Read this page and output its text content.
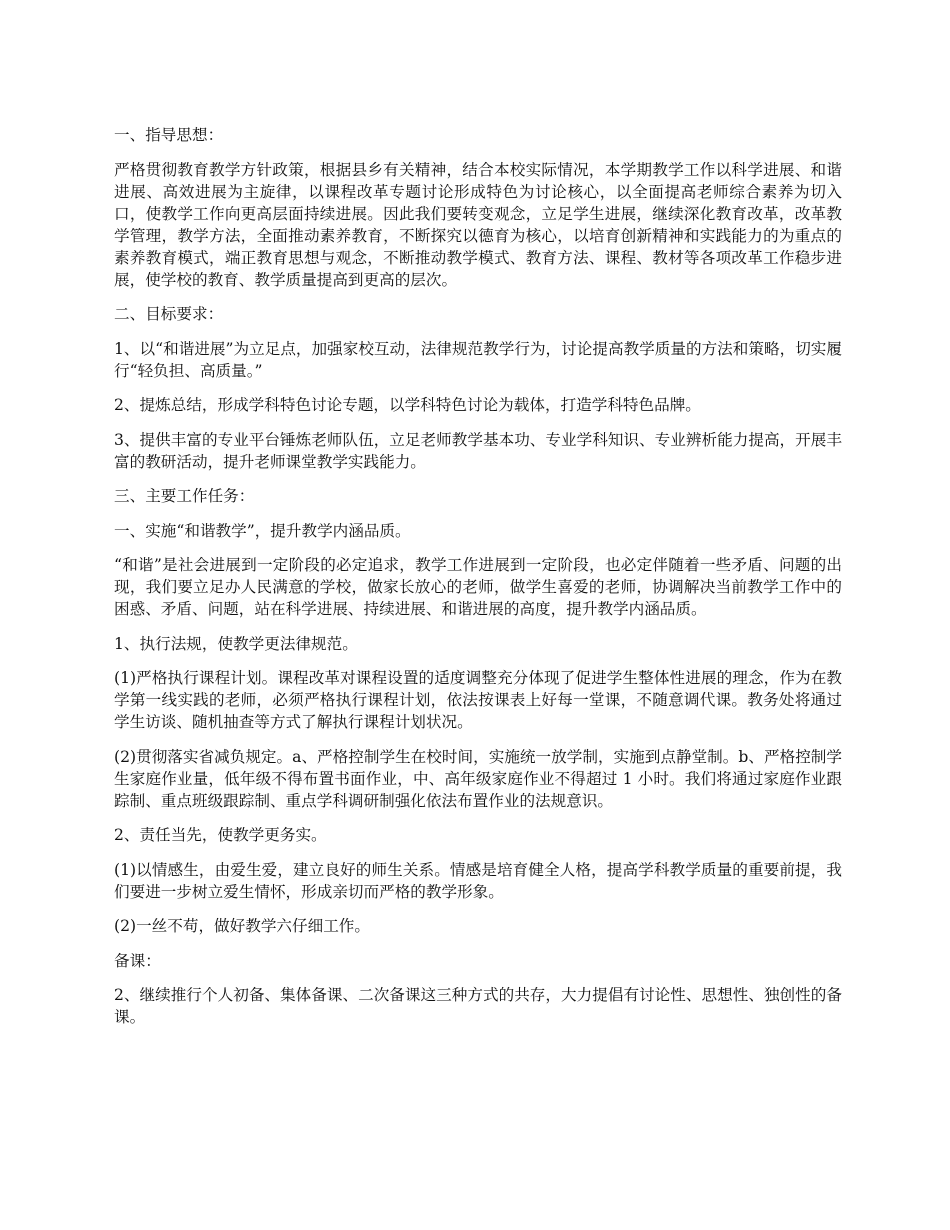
一、指导思想：

严格贯彻教育教学方针政策，根据县乡有关精神，结合本校实际情况，本学期教学工作以科学进展、和谐进展、高效进展为主旋律，以课程改革专题讨论形成特色为讨论核心，以全面提高老师综合素养为切入口，使教学工作向更高层面持续进展。因此我们要转变观念，立足学生进展，继续深化教育改革，改革教学管理，教学方法，全面推动素养教育，不断探究以德育为核心，以培育创新精神和实践能力的为重点的素养教育模式，端正教育思想与观念，不断推动教学模式、教育方法、课程、教材等各项改革工作稳步进展，使学校的教育、教学质量提高到更高的层次。

二、目标要求：

1、以“和谐进展”为立足点，加强家校互动，法律规范教学行为，讨论提高教学质量的方法和策略，切实履行“轻负担、高质量。”

2、提炼总结，形成学科特色讨论专题，以学科特色讨论为载体，打造学科特色品牌。

3、提供丰富的专业平台锤炼老师队伍，立足老师教学基本功、专业学科知识、专业辨析能力提高，开展丰富的教研活动，提升老师课堂教学实践能力。

三、主要工作任务：

一、实施“和谐教学”，提升教学内涵品质。

“和谐”是社会进展到一定阶段的必定追求，教学工作进展到一定阶段，也必定伴随着一些矛盾、问题的出现，我们要立足办人民满意的学校，做家长放心的老师，做学生喜爱的老师，协调解决当前教学工作中的困惑、矛盾、问题，站在科学进展、持续进展、和谐进展的高度，提升教学内涵品质。

1、执行法规，使教学更法律规范。

(1)严格执行课程计划。课程改革对课程设置的适度调整充分体现了促进学生整体性进展的理念，作为在教学第一线实践的老师，必须严格执行课程计划，依法按课表上好每一堂课，不随意调代课。教务处将通过学生访谈、随机抽查等方式了解执行课程计划状况。

(2)贯彻落实省减负规定。a、严格控制学生在校时间，实施统一放学制，实施到点静堂制。b、严格控制学生家庭作业量，低年级不得布置书面作业，中、高年级家庭作业不得超过 1 小时。我们将通过家庭作业跟踪制、重点班级跟踪制、重点学科调研制强化依法布置作业的法规意识。

2、责任当先，使教学更务实。

(1)以情感生，由爱生爱，建立良好的师生关系。情感是培育健全人格，提高学科教学质量的重要前提，我们要进一步树立爱生情怀，形成亲切而严格的教学形象。

(2)一丝不苟，做好教学六仔细工作。

备课：

2、继续推行个人初备、集体备课、二次备课这三种方式的共存，大力提倡有讨论性、思想性、独创性的备课。
